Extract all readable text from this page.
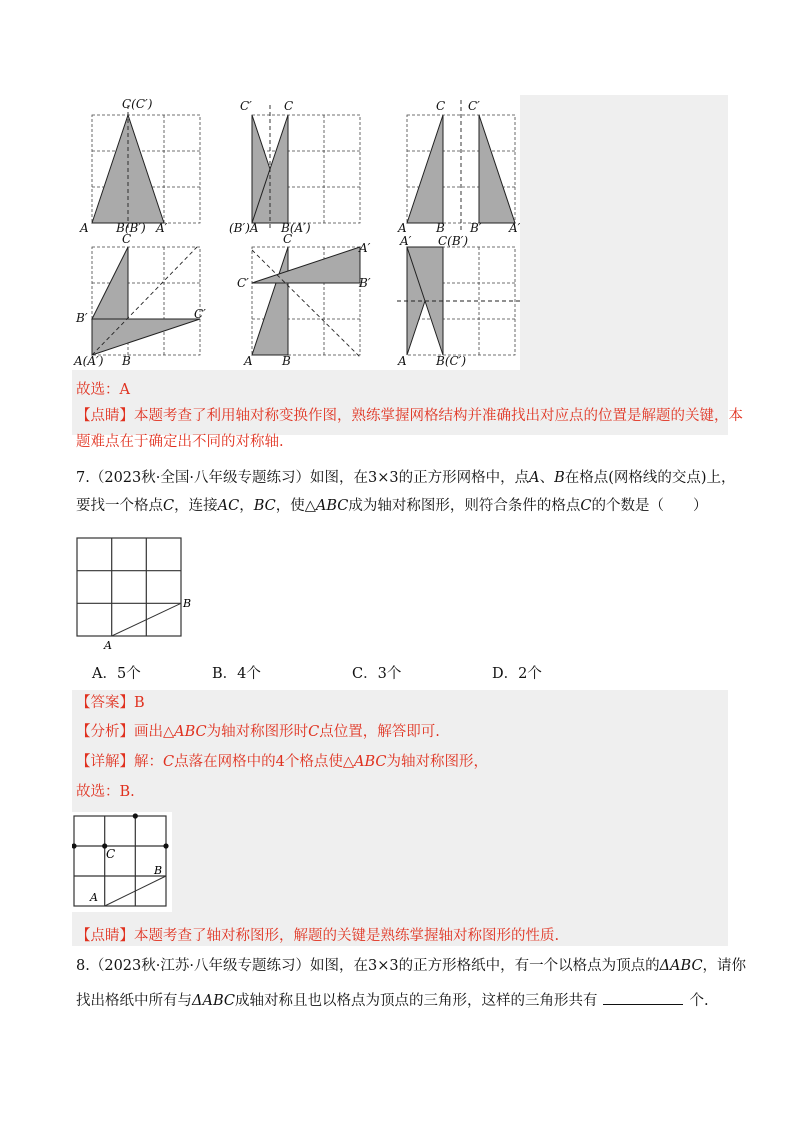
C(C′)
A B(B′) A′
C′	C
(B′)A B(A′)
C C′
A B B′ A′
C
B′	C′
A(A′) B
C
A′
C′	B′
A B
A′ C(B′)
A B(C′)
故选：A
【点睛】本题考查了利用轴对称变换作图，熟练掌握网格结构并准确找出对应点的位置是解题的关键，本
题难点在于确定出不同的对称轴.
7.（2023秋·全国·八年级专题练习）如图，在3×3的正方形网格中，点A、B在格点(网格线的交点)上，
要找一个格点C，连接AC，BC，使△ABC成为轴对称图形，则符合条件的格点C的个数是（　　）
A
B
A．5个	B．4个	C．3个	D．2个
【答案】B
【分析】画出△ABC为轴对称图形时C点位置，解答即可.
【详解】解：C点落在网格中的4个格点使△ABC为轴对称图形，
故选：B.
C
A
B
【点睛】本题考查了轴对称图形，解题的关键是熟练掌握轴对称图形的性质.
8.（2023秋·江苏·八年级专题练习）如图，在3×3的正方形格纸中，有一个以格点为顶点的ΔABC，请你
找出格纸中所有与ΔABC成轴对称且也以格点为顶点的三角形，这样的三角形共有	个.
